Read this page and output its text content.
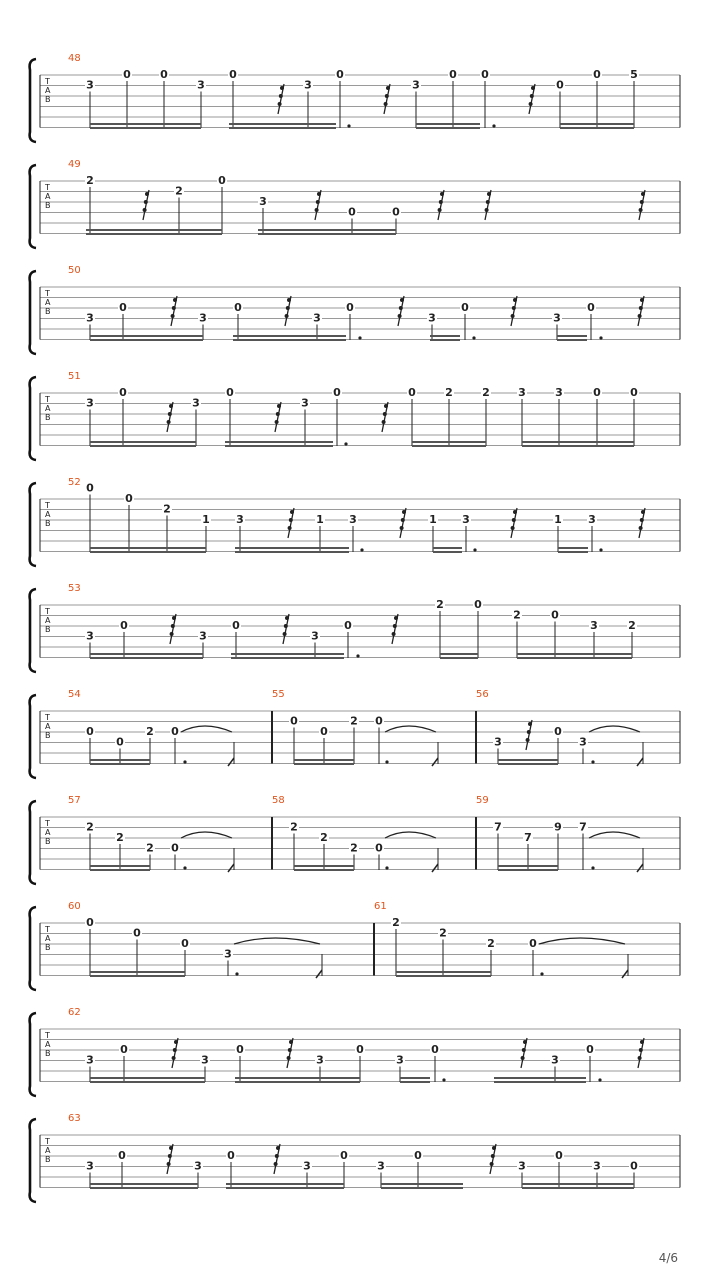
T
A
B
48
3
0	0
3
0
3
0
3
0 0
0
0	5
T
A
B
49
2
2
0
3
0	0
T
A
B
50
3
0
3
0
3
0
3
0
3
0
T
A
B
51
3
0
3
0
3
0	0	2	2	3	3	0	0
T
A
B
52 0
0
2
1 3	1 3	1 3	1 3
T
A
B
53
3
0
3
0
3
0
2	0
2	0
3	2
T
A
B
54	55	56
0
0
2 0
0
0
2 0
3
0
3
T
A
B
57	58	59
2
2
2 0
2
2
2 0
7
7
9 7
T
A
B
60	61
0
0
0
3
2
2
2	0
T
A
B
62
3
0
3
0
3
0
3
0
3
0
T
A
B
63
3
0
3
0
3
0
3
0
3
0
3	0
4/6
